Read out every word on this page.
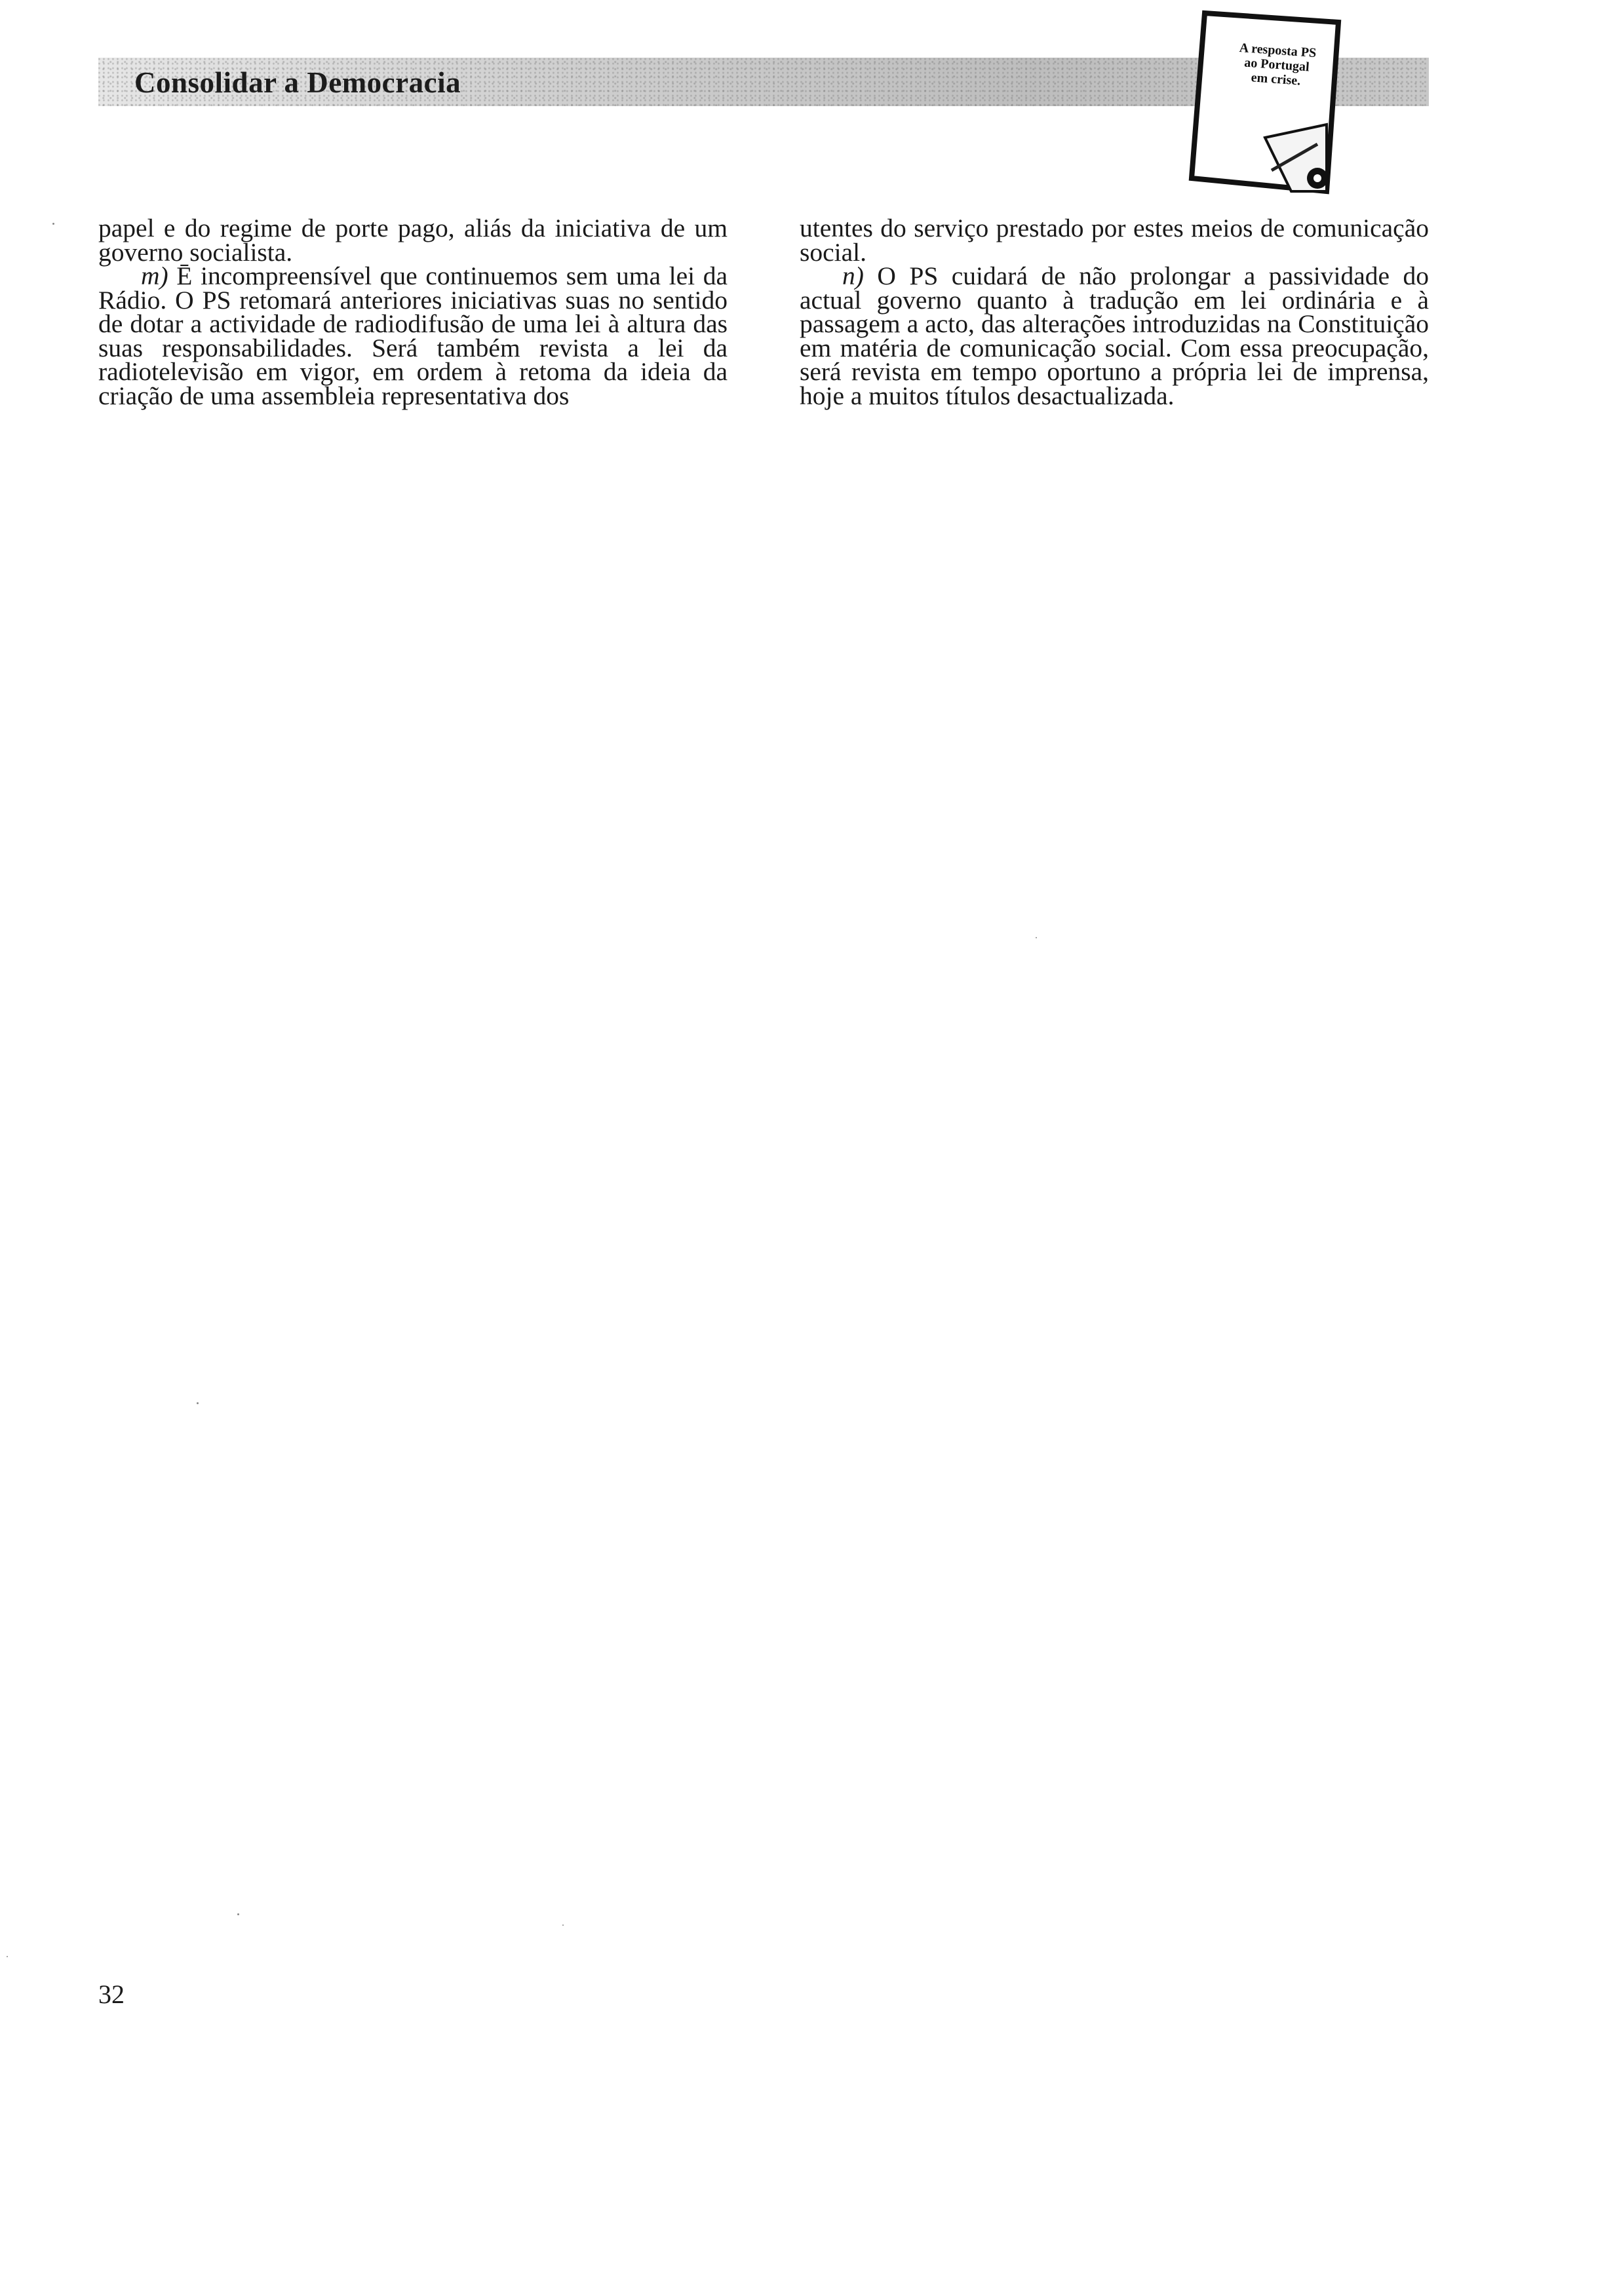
Consolidar a Democracia
A resposta PS
ao Portugal
em crise.

papel e do regime de porte pago, aliás da iniciativa de um governo socialista.

m) Ē incompreensível que continuemos sem uma lei da Rádio. O PS retomará anteriores iniciativas suas no sentido de dotar a actividade de radiodifusão de uma lei à altura das suas responsabilidades. Será também revista a lei da radiotelevisão em vigor, em ordem à retoma da ideia da criação de uma assembleia representativa dos

utentes do serviço prestado por estes meios de comunicação social.

n) O PS cuidará de não prolongar a passividade do actual governo quanto à tradução em lei ordinária e à passagem a acto, das alterações introduzidas na Constituição em matéria de comunicação social. Com essa preocupação, será revista em tempo oportuno a própria lei de imprensa, hoje a muitos títulos desactualizada.

32
